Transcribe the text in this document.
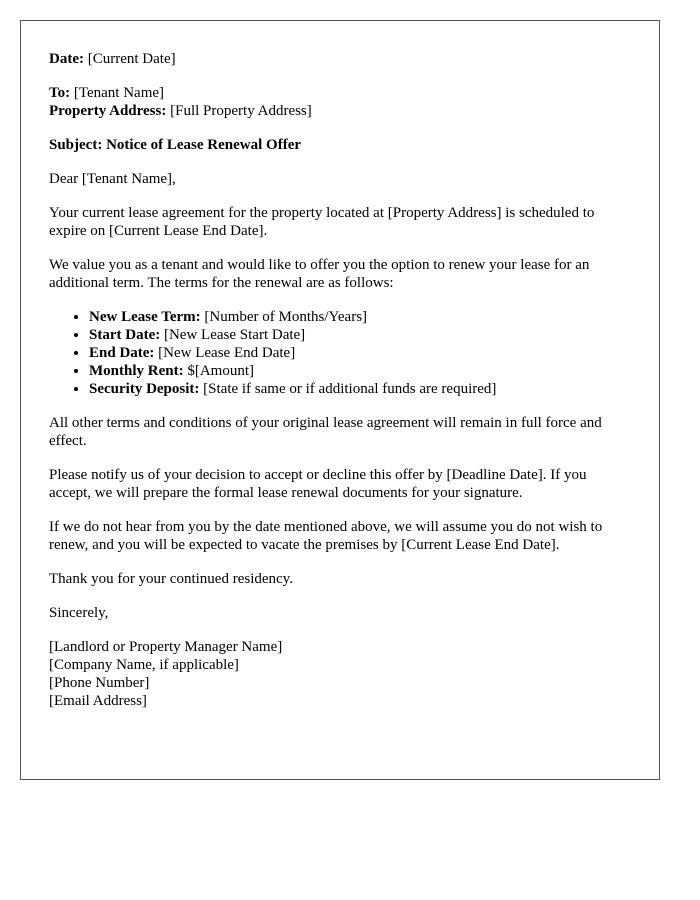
Date: [Current Date]

To: [Tenant Name]

Property Address: [Full Property Address]

Subject: Notice of Lease Renewal Offer

Dear [Tenant Name],

Your current lease agreement for the property located at [Property Address] is scheduled to expire on [Current Lease End Date].

We value you as a tenant and would like to offer you the option to renew your lease for an additional term. The terms for the renewal are as follows:

• New Lease Term: [Number of Months/Years]
• Start Date: [New Lease Start Date]
• End Date: [New Lease End Date]
• Monthly Rent: $[Amount]
• Security Deposit: [State if same or if additional funds are required]

All other terms and conditions of your original lease agreement will remain in full force and effect.

Please notify us of your decision to accept or decline this offer by [Deadline Date]. If you accept, we will prepare the formal lease renewal documents for your signature.

If we do not hear from you by the date mentioned above, we will assume you do not wish to renew, and you will be expected to vacate the premises by [Current Lease End Date].

Thank you for your continued residency.

Sincerely,

[Landlord or Property Manager Name]
[Company Name, if applicable]
[Phone Number]
[Email Address]
